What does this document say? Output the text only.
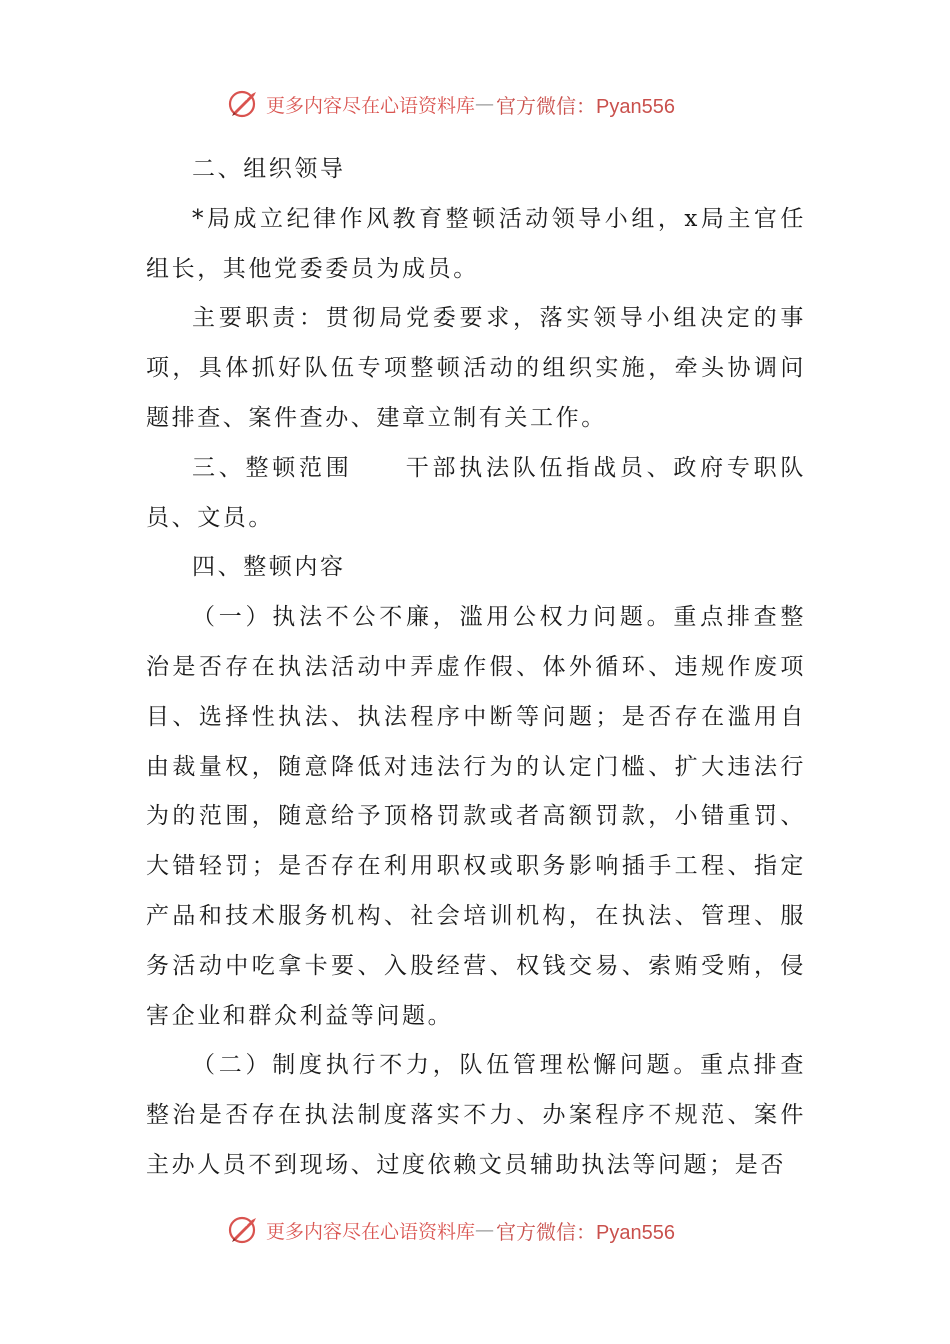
更多内容尽在心语资料库 — 官方微信：Pyan556

二、组织领导

*局成立纪律作风教育整顿活动领导小组，x局主官任组长，其他党委委员为成员。

主要职责：贯彻局党委要求，落实领导小组决定的事项，具体抓好队伍专项整顿活动的组织实施，牵头协调问题排查、案件查办、建章立制有关工作。

三、整顿范围 干部执法队伍指战员、政府专职队员、文员。

四、整顿内容

（一）执法不公不廉，滥用公权力问题。重点排查整治是否存在执法活动中弄虚作假、体外循环、违规作废项目、选择性执法、执法程序中断等问题；是否存在滥用自由裁量权，随意降低对违法行为的认定门槛、扩大违法行为的范围，随意给予顶格罚款或者高额罚款，小错重罚、大错轻罚；是否存在利用职权或职务影响插手工程、指定产品和技术服务机构、社会培训机构，在执法、管理、服务活动中吃拿卡要、入股经营、权钱交易、索贿受贿，侵害企业和群众利益等问题。

（二）制度执行不力，队伍管理松懈问题。重点排查整治是否存在执法制度落实不力、办案程序不规范、案件主办人员不到现场、过度依赖文员辅助执法等问题；是否

更多内容尽在心语资料库 — 官方微信：Pyan556
